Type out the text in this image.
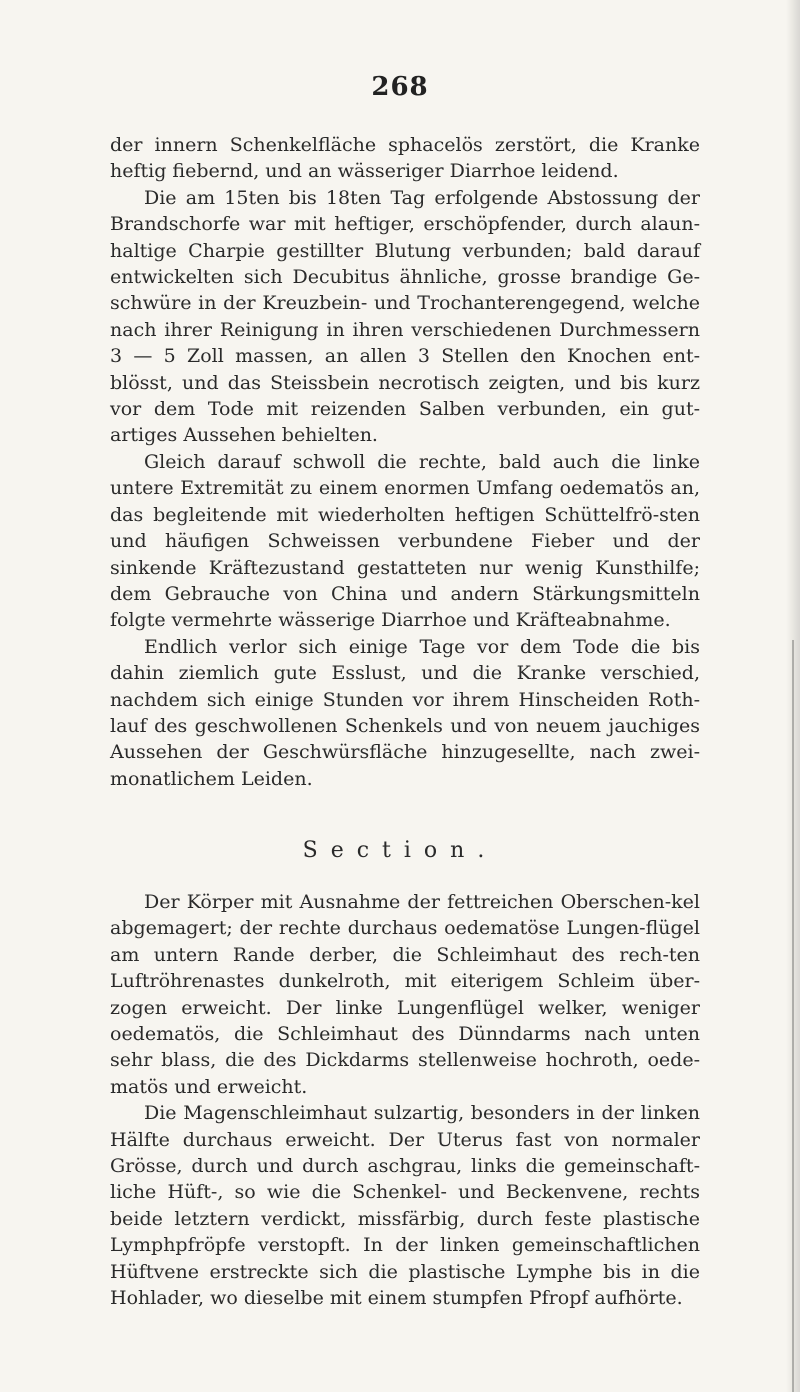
268

der innern Schenkelfläche sphacelös zerstört, die Kranke heftig fiebernd, und an wässeriger Diarrhoe leidend.

Die am 15ten bis 18ten Tag erfolgende Abstossung der Brandschorfe war mit heftiger, erschöpfender, durch alaun-haltige Charpie gestillter Blutung verbunden; bald darauf entwickelten sich Decubitus ähnliche, grosse brandige Ge-schwüre in der Kreuzbein- und Trochanterengegend, welche nach ihrer Reinigung in ihren verschiedenen Durchmessern 3 — 5 Zoll massen, an allen 3 Stellen den Knochen ent-blösst, und das Steissbein necrotisch zeigten, und bis kurz vor dem Tode mit reizenden Salben verbunden, ein gut-artiges Aussehen behielten.

Gleich darauf schwoll die rechte, bald auch die linke untere Extremität zu einem enormen Umfang oedematös an, das begleitende mit wiederholten heftigen Schüttelfrö-sten und häufigen Schweissen verbundene Fieber und der sinkende Kräftezustand gestatteten nur wenig Kunsthilfe; dem Gebrauche von China und andern Stärkungsmitteln folgte vermehrte wässerige Diarrhoe und Kräfteabnahme.

Endlich verlor sich einige Tage vor dem Tode die bis dahin ziemlich gute Esslust, und die Kranke verschied, nachdem sich einige Stunden vor ihrem Hinscheiden Roth-lauf des geschwollenen Schenkels und von neuem jauchiges Aussehen der Geschwürsfläche hinzugesellte, nach zwei-monatlichem Leiden.

Section.

Der Körper mit Ausnahme der fettreichen Oberschen-kel abgemagert; der rechte durchaus oedematöse Lungen-flügel am untern Rande derber, die Schleimhaut des rech-ten Luftröhrenastes dunkelroth, mit eiterigem Schleim über-zogen erweicht. Der linke Lungenflügel welker, weniger oedematös, die Schleimhaut des Dünndarms nach unten sehr blass, die des Dickdarms stellenweise hochroth, oede-matös und erweicht.

Die Magenschleimhaut sulzartig, besonders in der linken Hälfte durchaus erweicht. Der Uterus fast von normaler Grösse, durch und durch aschgrau, links die gemeinschaft-liche Hüft-, so wie die Schenkel- und Beckenvene, rechts beide letztern verdickt, missfärbig, durch feste plastische Lymphpfröpfe verstopft. In der linken gemeinschaftlichen Hüftvene erstreckte sich die plastische Lymphe bis in die Hohlader, wo dieselbe mit einem stumpfen Pfropf aufhörte.
